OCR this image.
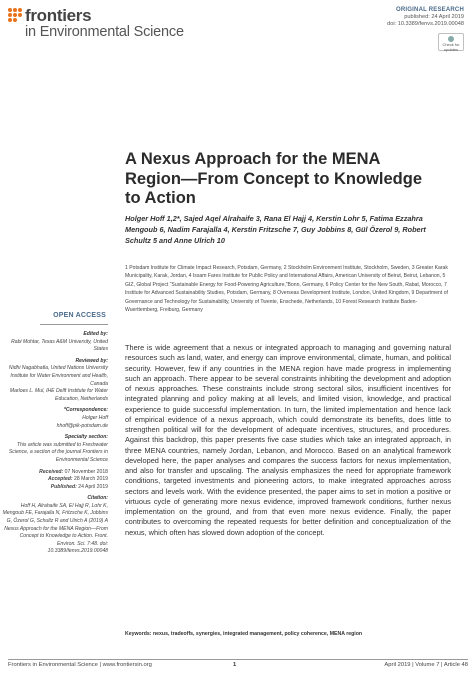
frontiers
in Environmental Science
ORIGINAL RESEARCH
published: 24 April 2019
doi: 10.3389/fenvs.2019.00048
Check for updates
A Nexus Approach for the MENA Region—From Concept to Knowledge to Action
Holger Hoff 1,2*, Sajed Aqel Alrahaife 3, Rana El Hajj 4, Kerstin Lohr 5, Fatima Ezzahra Mengoub 6, Nadim Farajalla 4, Kerstin Fritzsche 7, Guy Jobbins 8, Gül Özerol 9, Robert Schultz 5 and Anne Ulrich 10
1 Potsdam Institute for Climate Impact Research, Potsdam, Germany, 2 Stockholm Environment Institute, Stockholm, Sweden, 3 Greater Karak Municipality, Karak, Jordan, 4 Issam Fares Institute for Public Policy and International Affairs, American University of Beirut, Beirut, Lebanon, 5 GIZ, Global Project “Sustainable Energy for Food-Powering Agriculture,”Bonn, Germany, 6 Policy Center for the New South, Rabat, Morocco, 7 Institute for Advanced Sustainability Studies, Potsdam, Germany, 8 Overseas Development Institute, London, United Kingdom, 9 Department of Governance and Technology for Sustainability, University of Twente, Enschede, Netherlands, 10 Forest Research Institute Baden-Wuerttemberg, Freiburg, Germany
OPEN ACCESS
Edited by:
Rabi Mohtar, Texas A&M University, United States
Reviewed by:
Nidhi Nagabhatla, United Nations University Institute for Water Environment and Health, Canada
Marloes L. Mul, IHE Delft Institute for Water Education, Netherlands
*Correspondence:
Holger Hoff
hhoff@pik-potsdam.de
Specialty section:
This article was submitted to Freshwater Science, a section of the journal Frontiers in Environmental Science
Received: 07 November 2018
Accepted: 28 March 2019
Published: 24 April 2019
Citation:
Hoff H, Alrahaife SA, El Hajj R, Lohr K, Mengoub FE, Farajalla N, Fritzsche K, Jobbins G, Özerol G, Schultz R and Ulrich A (2019) A Nexus Approach for the MENA Region—From Concept to Knowledge to Action. Front. Environ. Sci. 7:48. doi: 10.3389/fenvs.2019.00048
There is wide agreement that a nexus or integrated approach to managing and governing natural resources such as land, water, and energy can improve environmental, climate, human, and political security. However, few if any countries in the MENA region have made progress in implementing such an approach. There appear to be several constraints inhibiting the development and adoption of nexus approaches. These constraints include strong sectoral silos, insufficient incentives for integrated planning and policy making at all levels, and limited vision, knowledge, and practical experience to guide successful implementation. In turn, the limited implementation and hence lack of empirical evidence of a nexus approach, which could demonstrate its benefits, does little to strengthen political will for the development of adequate incentives, structures, and procedures. Against this backdrop, this paper presents five case studies which take an integrated approach, in three MENA countries, namely Jordan, Lebanon, and Morocco. Based on an analytical framework developed here, the paper analyses and compares the success factors for nexus implementation, and also for transfer and upscaling. The analysis emphasizes the need for appropriate framework conditions, targeted investments and pioneering actors, to make integrated approaches across sectors and levels work. With the evidence presented, the paper aims to set in motion a positive or virtuous cycle of generating more nexus evidence, improved framework conditions, further nexus implementation on the ground, and from that even more nexus evidence. Finally, the paper contributes to overcoming the repeated requests for better definition and conceptualization of the nexus, which often has slowed down adoption of the concept.
Keywords: nexus, tradeoffs, synergies, integrated management, policy coherence, MENA region
Frontiers in Environmental Science | www.frontiersin.org	1	April 2019 | Volume 7 | Article 48
